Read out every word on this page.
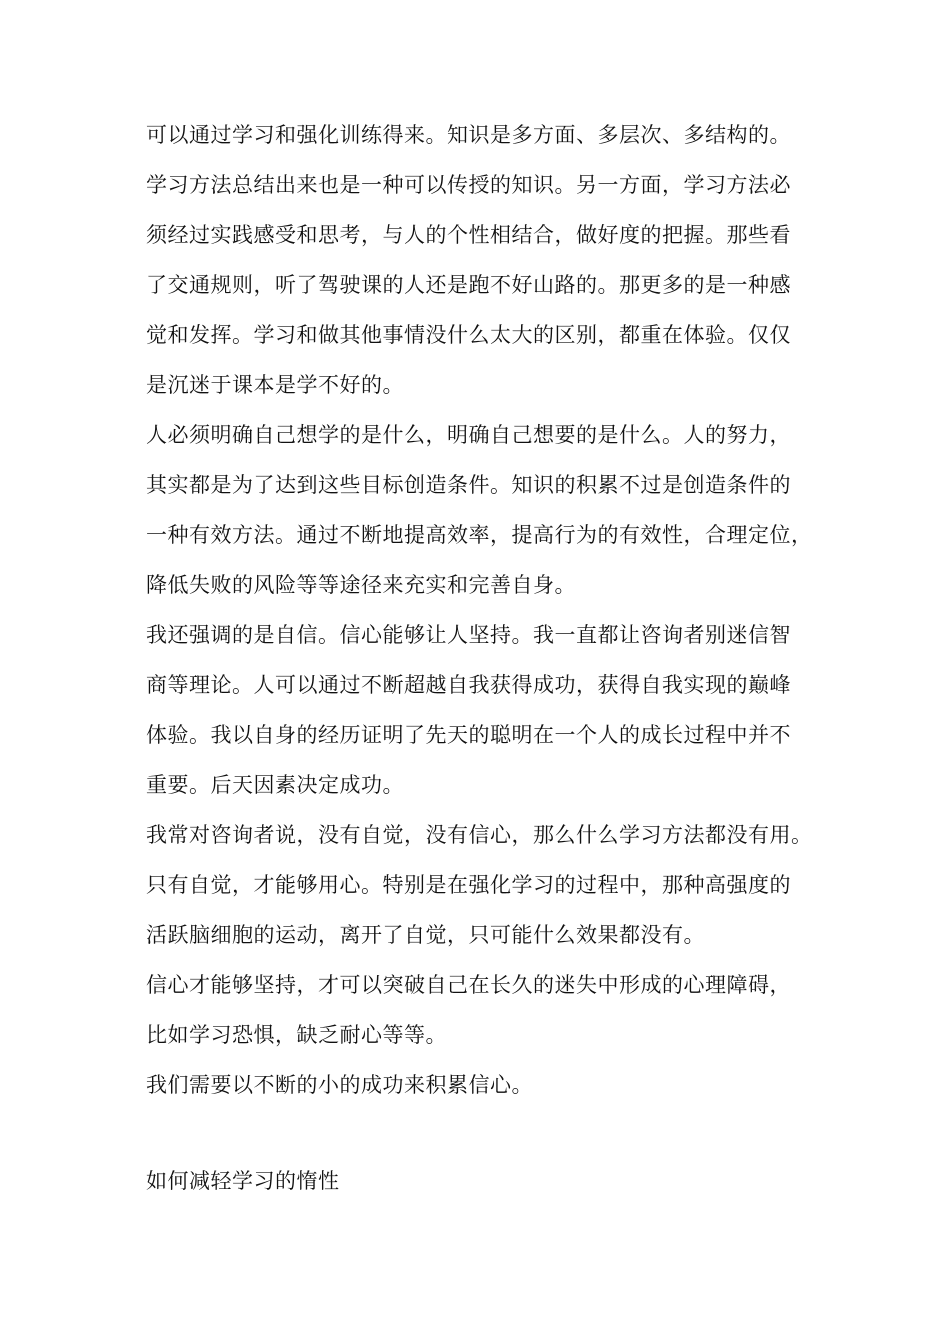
可以通过学习和强化训练得来。知识是多方面、多层次、多结构的。
学习方法总结出来也是一种可以传授的知识。另一方面，学习方法必
须经过实践感受和思考，与人的个性相结合，做好度的把握。那些看
了交通规则，听了驾驶课的人还是跑不好山路的。那更多的是一种感
觉和发挥。学习和做其他事情没什么太大的区别，都重在体验。仅仅
是沉迷于课本是学不好的。

人必须明确自己想学的是什么，明确自己想要的是什么。人的努力，
其实都是为了达到这些目标创造条件。知识的积累不过是创造条件的
一种有效方法。通过不断地提高效率，提高行为的有效性，合理定位，
降低失败的风险等等途径来充实和完善自身。

我还强调的是自信。信心能够让人坚持。我一直都让咨询者别迷信智
商等理论。人可以通过不断超越自我获得成功，获得自我实现的巅峰
体验。我以自身的经历证明了先天的聪明在一个人的成长过程中并不
重要。后天因素决定成功。

我常对咨询者说，没有自觉，没有信心，那么什么学习方法都没有用。
只有自觉，才能够用心。特别是在强化学习的过程中，那种高强度的
活跃脑细胞的运动，离开了自觉，只可能什么效果都没有。

信心才能够坚持，才可以突破自己在长久的迷失中形成的心理障碍，
比如学习恐惧，缺乏耐心等等。

我们需要以不断的小的成功来积累信心。

如何减轻学习的惰性
